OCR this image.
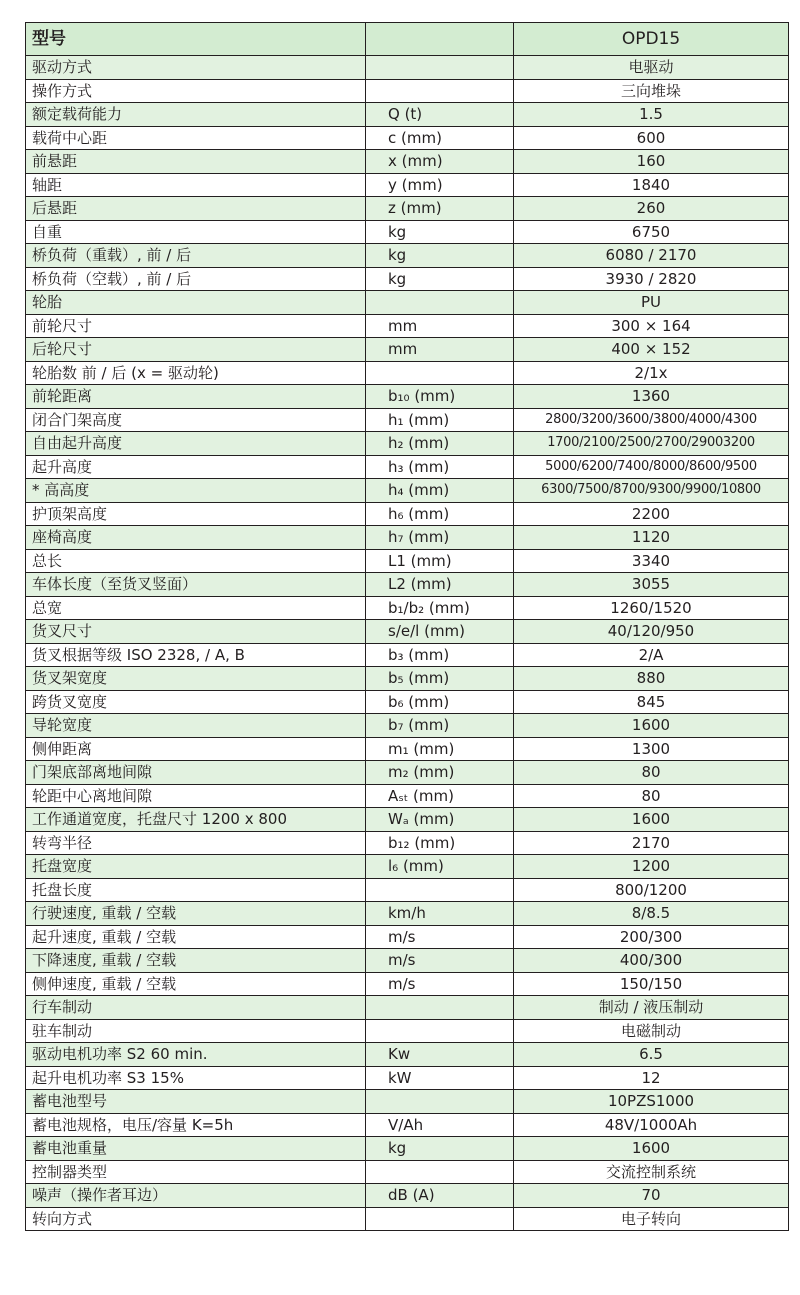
型号		OPD15
驱动方式		电驱动
操作方式		三向堆垛
额定载荷能力	Q (t)	1.5
载荷中心距	c (mm)	600
前悬距	x (mm)	160
轴距	y (mm)	1840
后悬距	z (mm)	260
自重	kg	6750
桥负荷（重载）, 前 / 后	kg	6080 / 2170
桥负荷（空载）, 前 / 后	kg	3930 / 2820
轮胎		PU
前轮尺寸	mm	300 × 164
后轮尺寸	mm	400 × 152
轮胎数 前 / 后 (x = 驱动轮)		2/1x
前轮距离	b₁₀ (mm)	1360
闭合门架高度	h₁ (mm)	2800/3200/3600/3800/4000/4300
自由起升高度	h₂ (mm)	1700/2100/2500/2700/29003200
起升高度	h₃ (mm)	5000/6200/7400/8000/8600/9500
* 高高度	h₄ (mm)	6300/7500/8700/9300/9900/10800
护顶架高度	h₆ (mm)	2200
座椅高度	h₇ (mm)	1120
总长	L1 (mm)	3340
车体长度（至货叉竖面）	L2 (mm)	3055
总宽	b₁/b₂ (mm)	1260/1520
货叉尺寸	s/e/l (mm)	40/120/950
货叉根据等级 ISO 2328, / A, B	b₃ (mm)	2/A
货叉架宽度	b₅ (mm)	880
跨货叉宽度	b₆ (mm)	845
导轮宽度	b₇ (mm)	1600
侧伸距离	m₁ (mm)	1300
门架底部离地间隙	m₂ (mm)	80
轮距中心离地间隙	Aₛₜ (mm)	80
工作通道宽度，托盘尺寸 1200 x 800	Wₐ (mm)	1600
转弯半径	b₁₂ (mm)	2170
托盘宽度	l₆ (mm)	1200
托盘长度		800/1200
行驶速度, 重载 / 空载	km/h	8/8.5
起升速度, 重载 / 空载	m/s	200/300
下降速度, 重载 / 空载	m/s	400/300
侧伸速度, 重载 / 空载	m/s	150/150
行车制动		制动 / 液压制动
驻车制动		电磁制动
驱动电机功率 S2 60 min.	Kw	6.5
起升电机功率 S3 15%	kW	12
蓄电池型号		10PZS1000
蓄电池规格，电压/容量 K=5h	V/Ah	48V/1000Ah
蓄电池重量	kg	1600
控制器类型		交流控制系统
噪声（操作者耳边）	dB (A)	70
转向方式		电子转向
